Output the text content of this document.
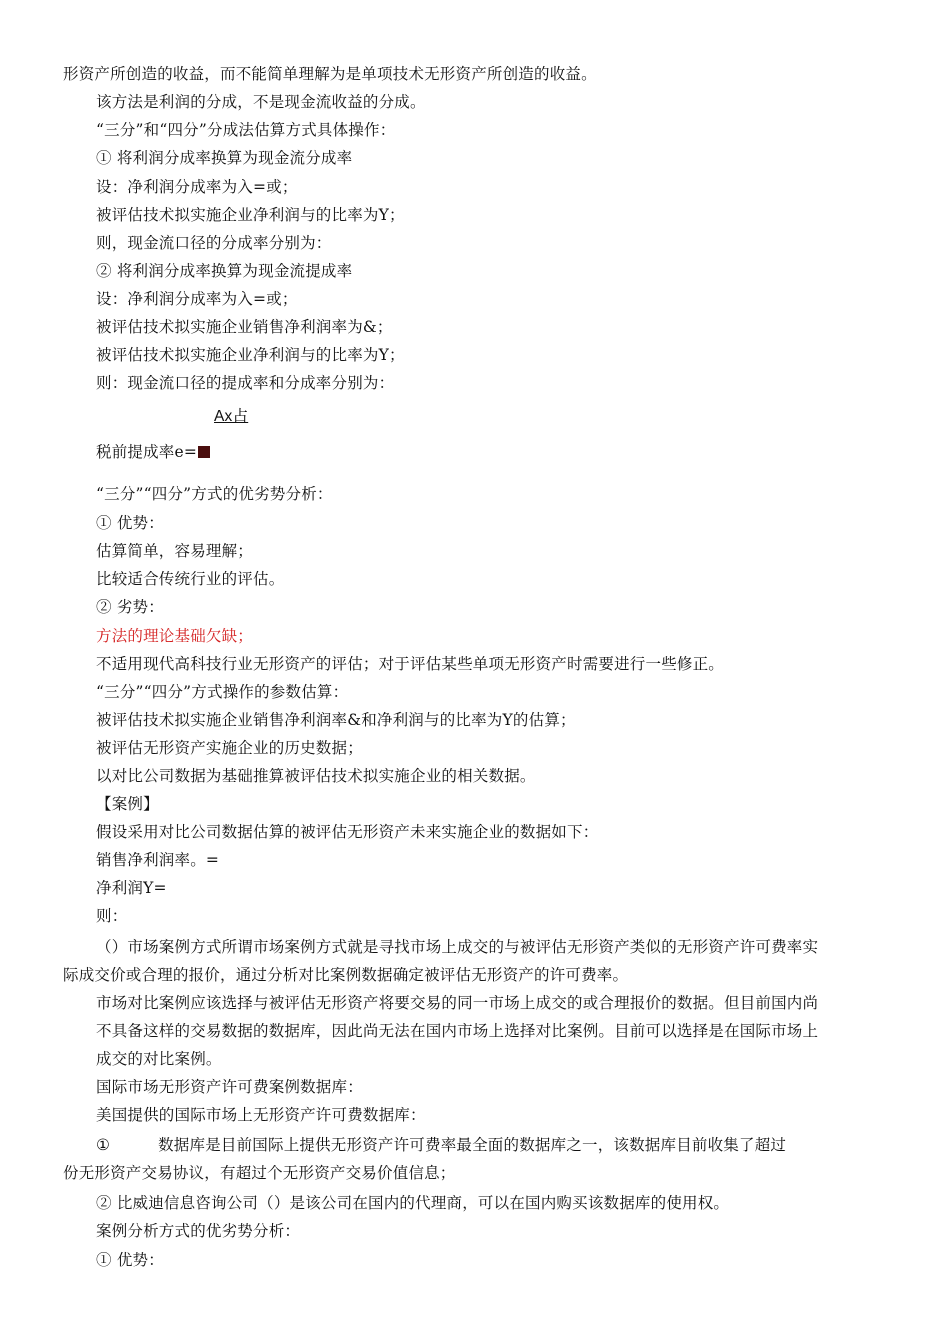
形资产所创造的收益，而不能简单理解为是单项技术无形资产所创造的收益。
该方法是利润的分成，不是现金流收益的分成。
“三分”和“四分”分成法估算方式具体操作：
① 将利润分成率换算为现金流分成率
设：净利润分成率为入=或；
被评估技术拟实施企业净利润与的比率为Y；
则，现金流口径的分成率分别为：
② 将利润分成率换算为现金流提成率
设：净利润分成率为入=或；
被评估技术拟实施企业销售净利润率为&；
被评估技术拟实施企业净利润与的比率为Y；
则：现金流口径的提成率和分成率分别为：
Ax占
税前提成率e=
“三分”“四分”方式的优劣势分析：
① 优势：
估算简单，容易理解；
比较适合传统行业的评估。
② 劣势：
方法的理论基础欠缺；
不适用现代高科技行业无形资产的评估；对于评估某些单项无形资产时需要进行一些修正。
“三分”“四分”方式操作的参数估算：
被评估技术拟实施企业销售净利润率&和净利润与的比率为Y的估算；
被评估无形资产实施企业的历史数据；
以对比公司数据为基础推算被评估技术拟实施企业的相关数据。
【案例】
假设采用对比公司数据估算的被评估无形资产未来实施企业的数据如下：
销售净利润率。=
净利润Y=
则：
（）市场案例方式所谓市场案例方式就是寻找市场上成交的与被评估无形资产类似的无形资产许可费率实
际成交价或合理的报价，通过分析对比案例数据确定被评估无形资产的许可费率。
市场对比案例应该选择与被评估无形资产将要交易的同一市场上成交的或合理报价的数据。但目前国内尚
不具备这样的交易数据的数据库，因此尚无法在国内市场上选择对比案例。目前可以选择是在国际市场上
成交的对比案例。
国际市场无形资产许可费案例数据库：
美国提供的国际市场上无形资产许可费数据库：
①	数据库是目前国际上提供无形资产许可费率最全面的数据库之一，该数据库目前收集了超过
份无形资产交易协议，有超过个无形资产交易价值信息；
② 比威迪信息咨询公司（）是该公司在国内的代理商，可以在国内购买该数据库的使用权。
案例分析方式的优劣势分析：
① 优势：
